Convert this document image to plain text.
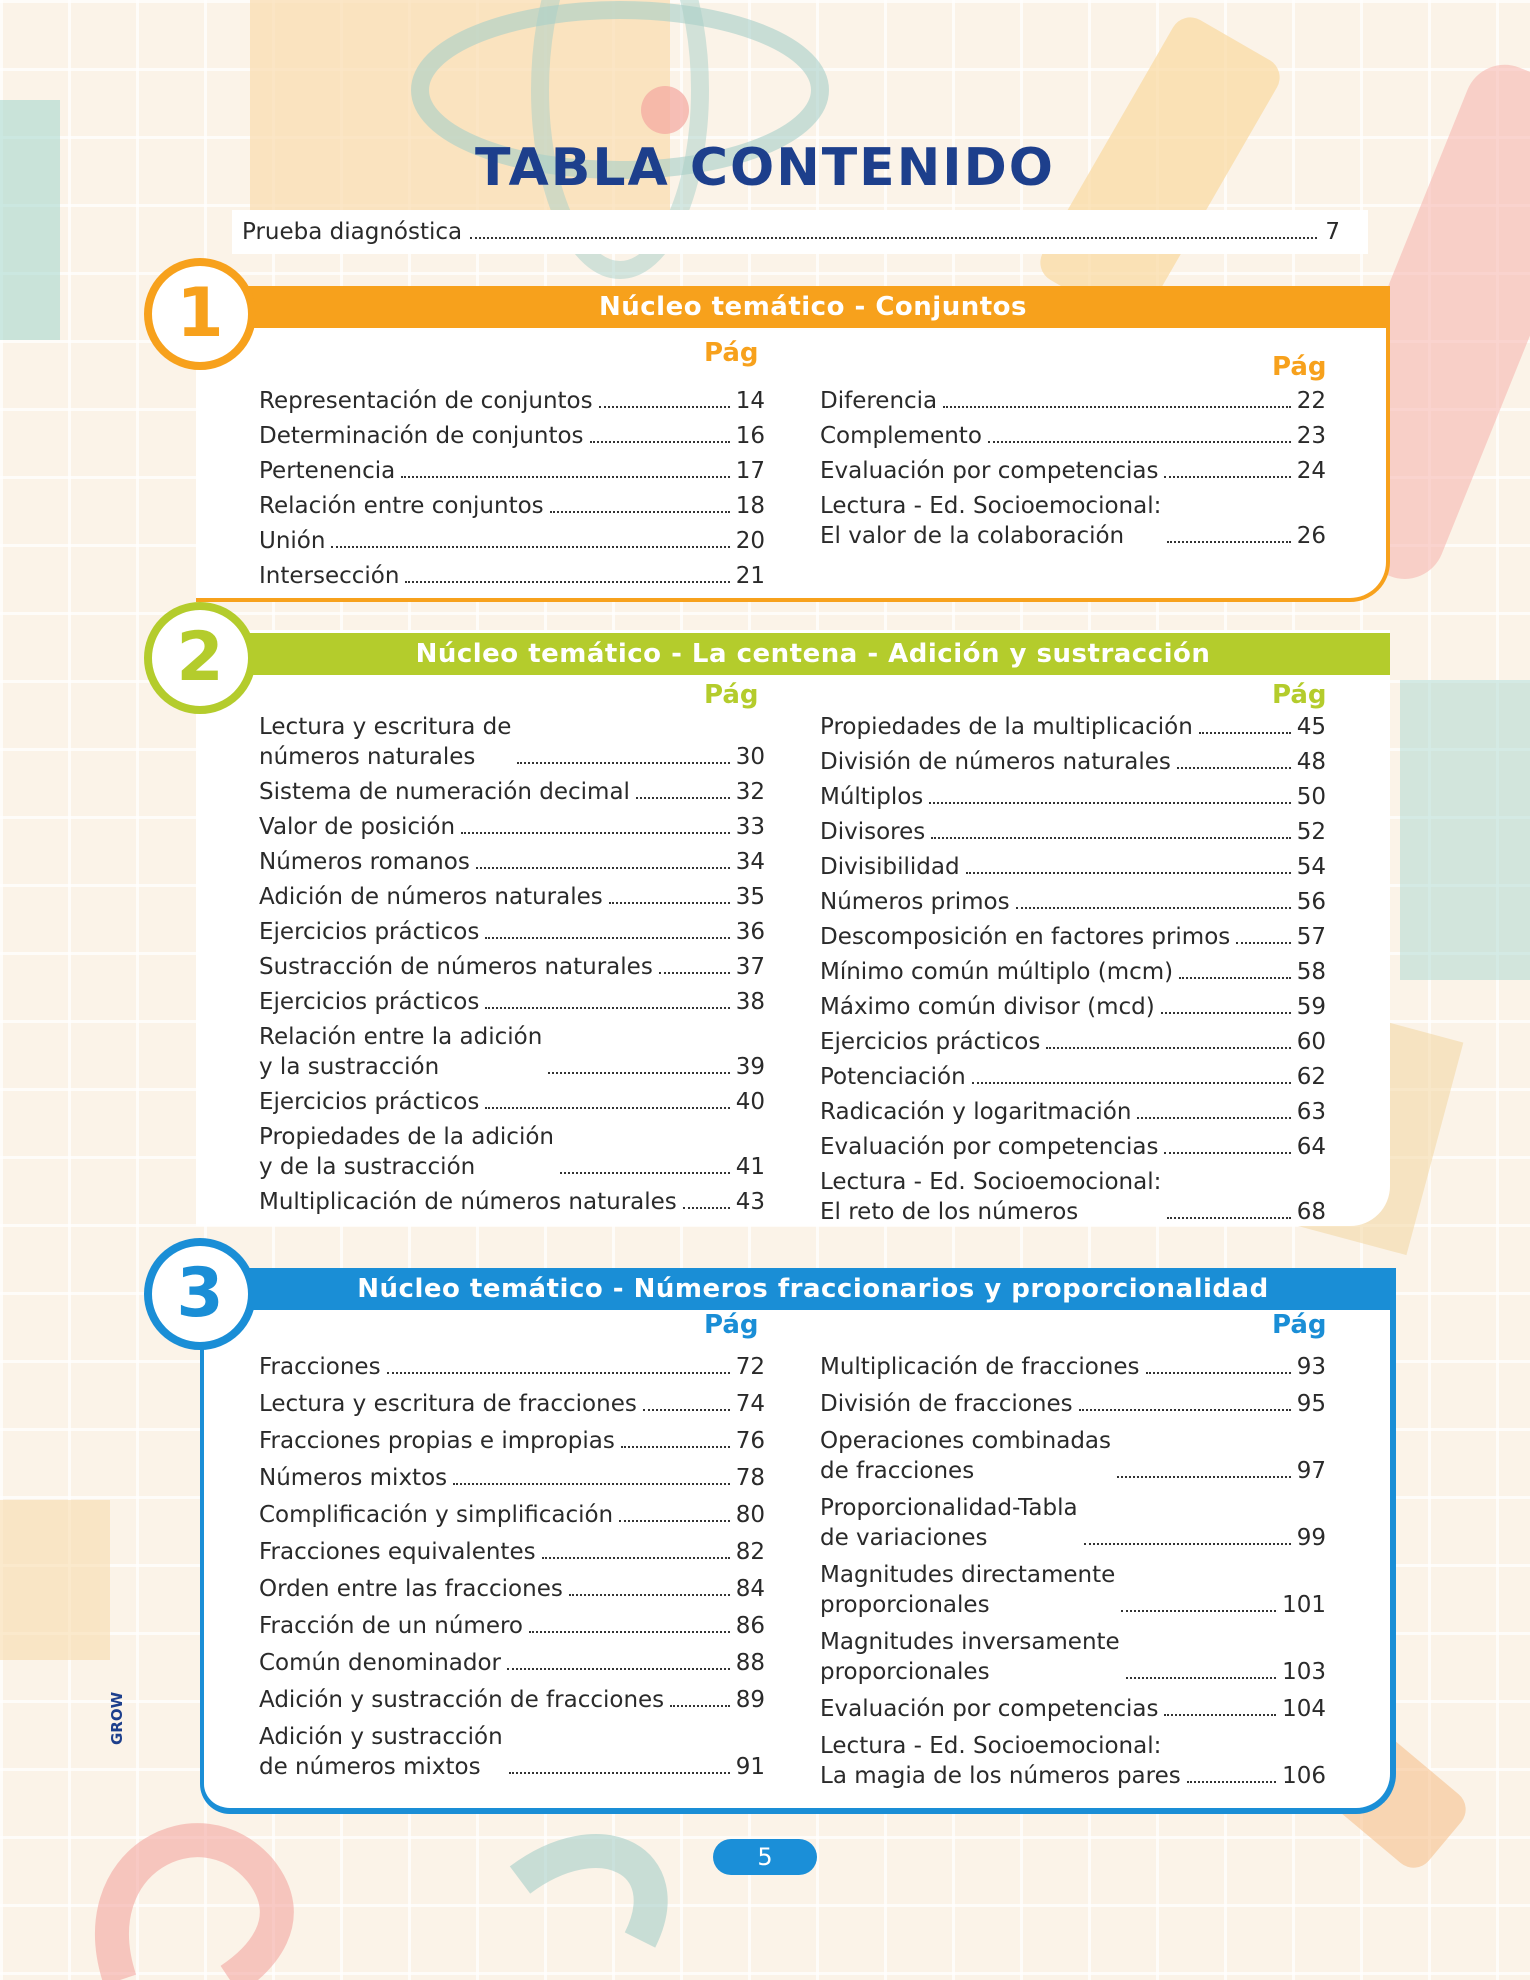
TABLA CONTENIDO
Prueba diagnóstica	7
Núcleo temático - Conjuntos
1	Pág	Pág
Representación de conjuntos	14
Determinación de conjuntos	16
Pertenencia	17
Relación entre conjuntos	18
Unión	20
Intersección	21
Diferencia	22
Complemento	23
Evaluación por competencias	24
Lectura - Ed. Socioemocional:
El valor de la colaboración	26
Núcleo temático - La centena - Adición y sustracción
2	Pág	Pág
Lectura y escritura de
números naturales	30
Sistema de numeración decimal	32
Valor de posición	33
Números romanos	34
Adición de números naturales	35
Ejercicios prácticos	36
Sustracción de números naturales	37
Ejercicios prácticos	38
Relación entre la adición
y la sustracción	39
Ejercicios prácticos	40
Propiedades de la adición
y de la sustracción	41
Multiplicación de números naturales	43
Propiedades de la multiplicación	45
División de números naturales	48
Múltiplos	50
Divisores	52
Divisibilidad	54
Números primos	56
Descomposición en factores primos	57
Mínimo común múltiplo (mcm)	58
Máximo común divisor (mcd)	59
Ejercicios prácticos	60
Potenciación	62
Radicación y logaritmación	63
Evaluación por competencias	64
Lectura - Ed. Socioemocional:
El reto de los números	68
Núcleo temático - Números fraccionarios y proporcionalidad
3	Pág	Pág
Fracciones	72
Lectura y escritura de fracciones	74
Fracciones propias e impropias	76
Números mixtos	78
Complificación y simplificación	80
Fracciones equivalentes	82
Orden entre las fracciones	84
Fracción de un número	86
Común denominador	88
Adición y sustracción de fracciones	89
Adición y sustracción
de números mixtos	91
Multiplicación de fracciones	93
División de fracciones	95
Operaciones combinadas
de fracciones	97
Proporcionalidad-Tabla
de variaciones	99
Magnitudes directamente
proporcionales	101
Magnitudes inversamente
proporcionales	103
Evaluación por competencias	104
Lectura - Ed. Socioemocional:
La magia de los números pares	106
GROW
5
